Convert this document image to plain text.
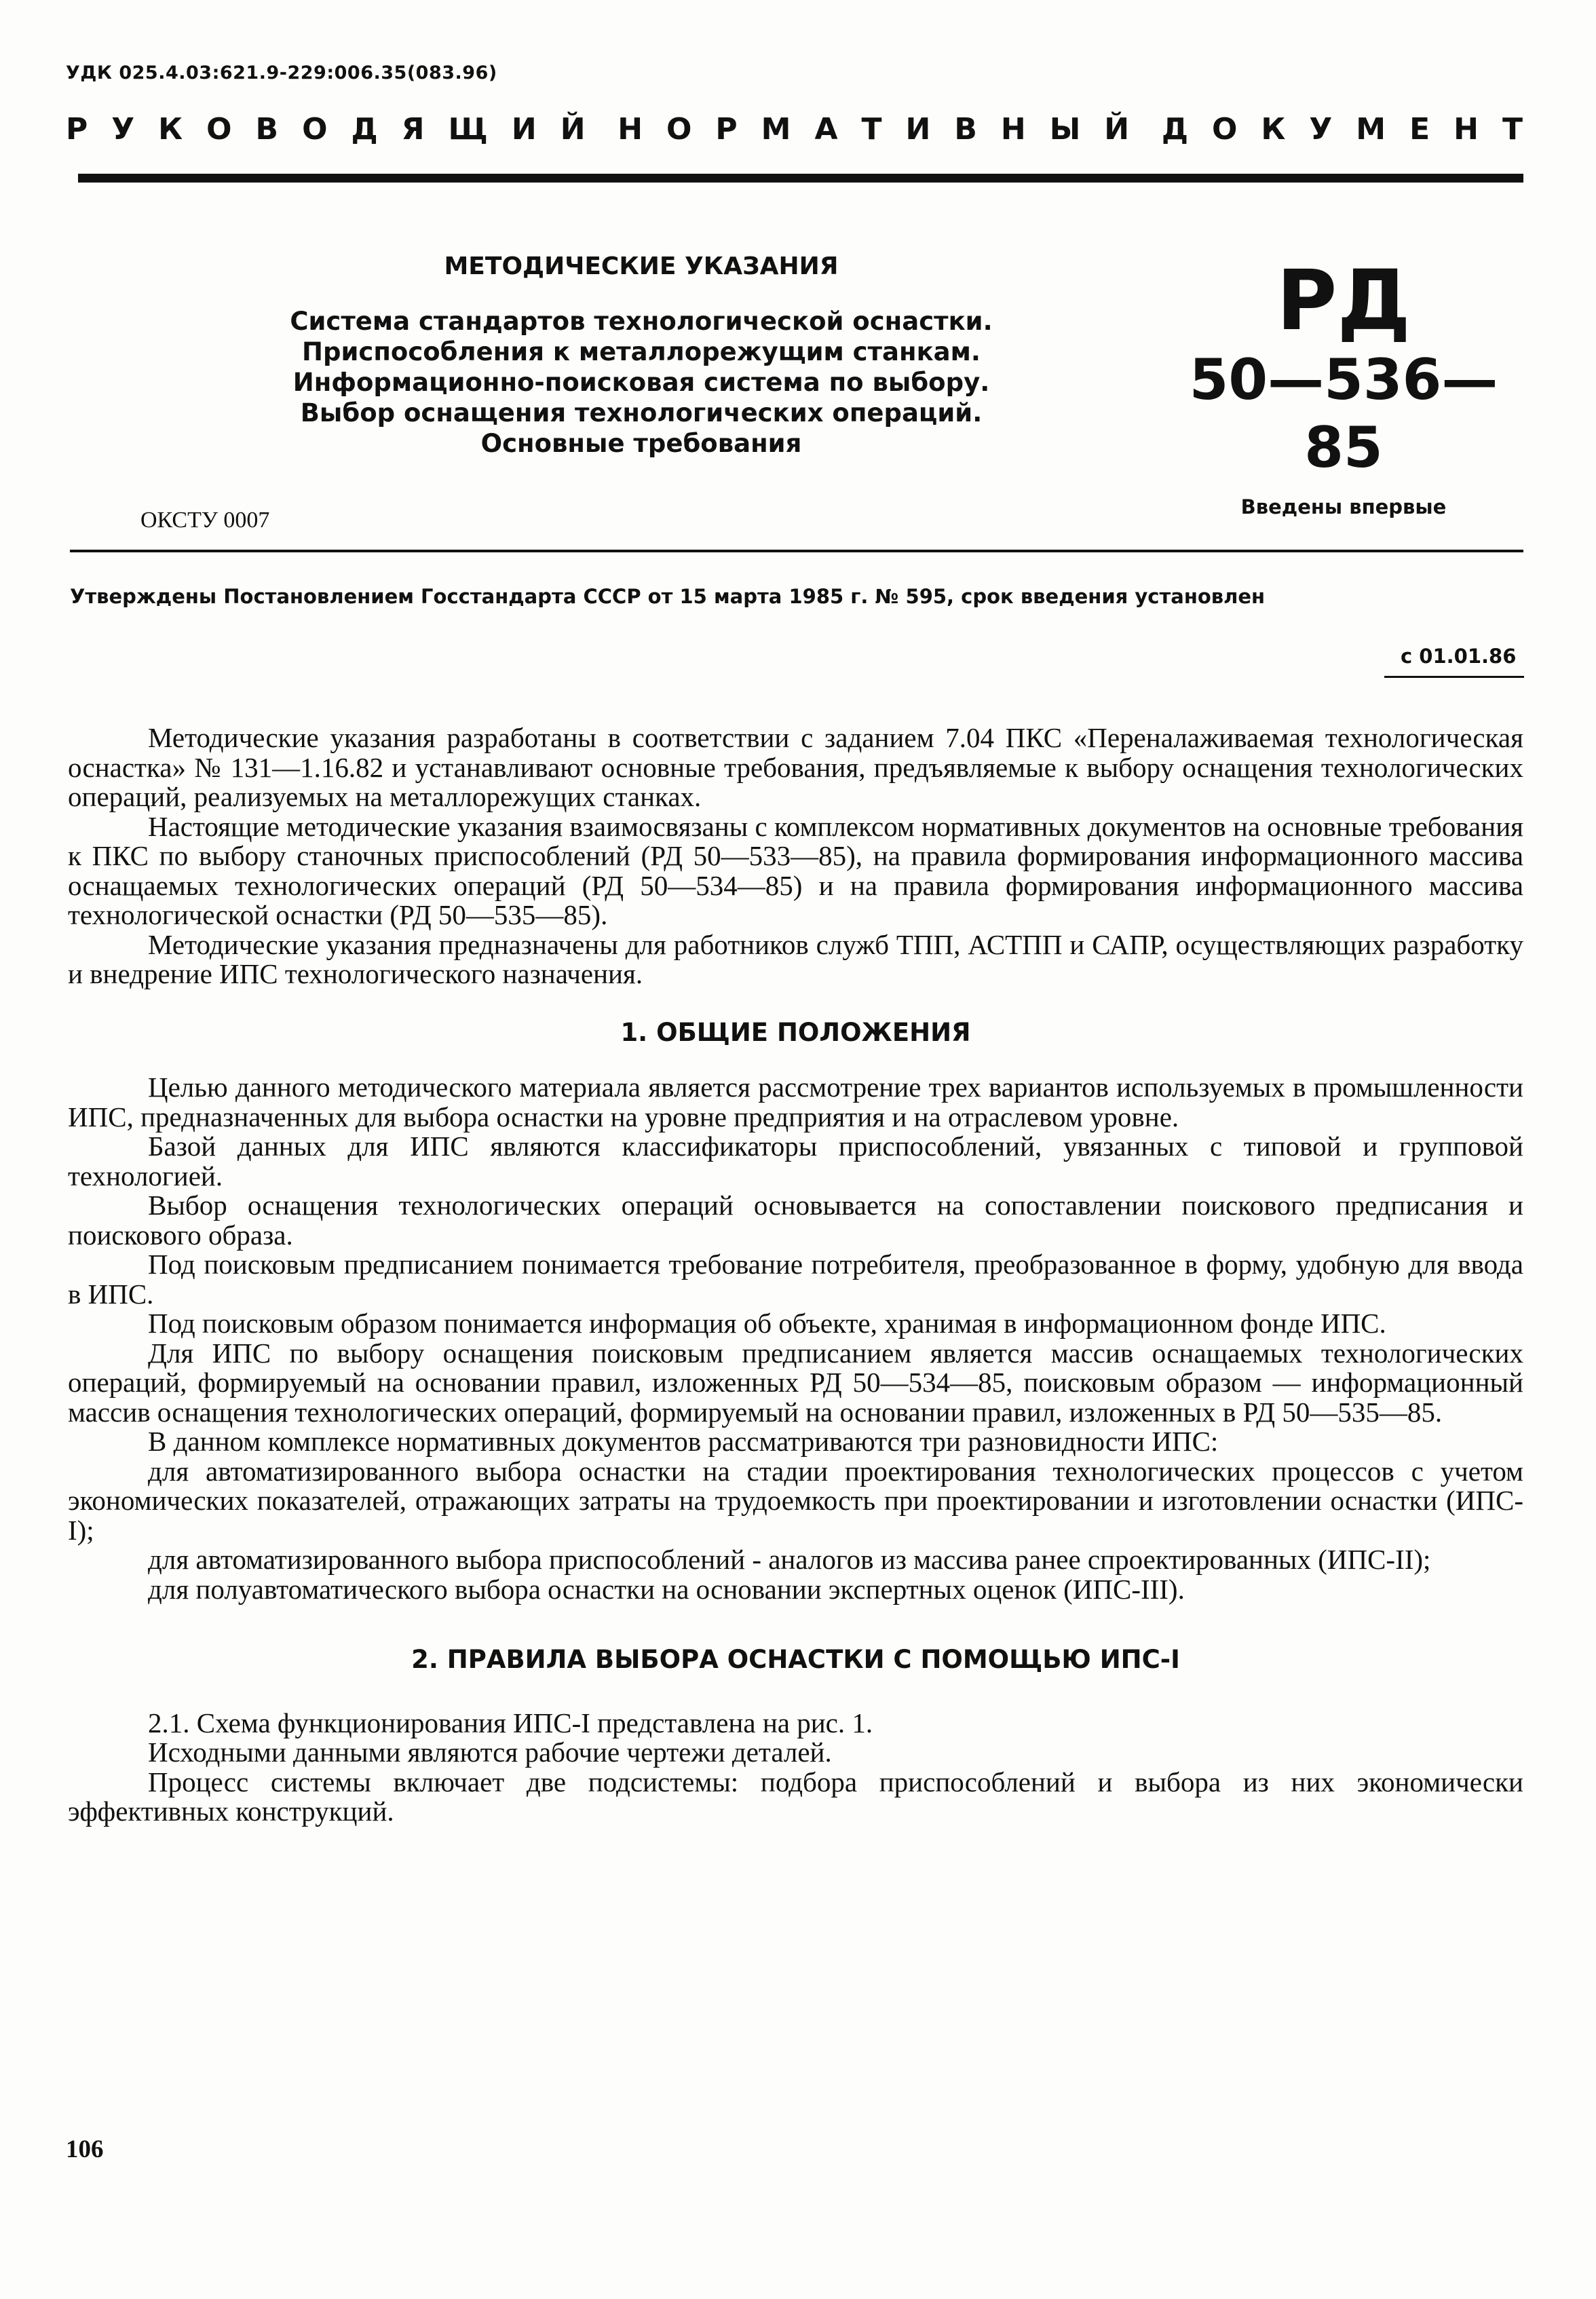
УДК 025.4.03:621.9-229:006.35(083.96)
РУКОВОДЯЩИЙ НОРМАТИВНЫЙ ДОКУМЕНТ
МЕТОДИЧЕСКИЕ УКАЗАНИЯ
Система стандартов технологической оснастки.
Приспособления к металлорежущим станкам.
Информационно-поисковая система по выбору.
Выбор оснащения технологических операций.
Основные требования
РД
50—536—85
Введены впервые
ОКСТУ 0007
Утверждены Постановлением Госстандарта СССР от 15 марта 1985 г. № 595, срок введения установлен
с 01.01.86

Методические указания разработаны в соответствии с заданием 7.04 ПКС «Переналаживаемая технологическая оснастка» № 131—1.16.82 и устанавливают основные требования, предъявляемые к выбору оснащения технологических операций, реализуемых на металлорежущих станках.

Настоящие методические указания взаимосвязаны с комплексом нормативных документов на основные требования к ПКС по выбору станочных приспособлений (РД 50—533—85), на правила формирования информационного массива оснащаемых технологических операций (РД 50—534—85) и на правила формирования информационного массива технологической оснастки (РД 50—535—85).

Методические указания предназначены для работников служб ТПП, АСТПП и САПР, осуществляющих разработку и внедрение ИПС технологического назначения.

1. ОБЩИЕ ПОЛОЖЕНИЯ

Целью данного методического материала является рассмотрение трех вариантов используемых в промышленности ИПС, предназначенных для выбора оснастки на уровне предприятия и на отраслевом уровне.

Базой данных для ИПС являются классификаторы приспособлений, увязанных с типовой и групповой технологией.

Выбор оснащения технологических операций основывается на сопоставлении поискового предписания и поискового образа.

Под поисковым предписанием понимается требование потребителя, преобразованное в форму, удобную для ввода в ИПС.

Под поисковым образом понимается информация об объекте, хранимая в информационном фонде ИПС.

Для ИПС по выбору оснащения поисковым предписанием является массив оснащаемых технологических операций, формируемый на основании правил, изложенных РД 50—534—85, поисковым образом — информационный массив оснащения технологических операций, формируемый на основании правил, изложенных в РД 50—535—85.

В данном комплексе нормативных документов рассматриваются три разновидности ИПС:

для автоматизированного выбора оснастки на стадии проектирования технологических процессов с учетом экономических показателей, отражающих затраты на трудоемкость при проектировании и изготовлении оснастки (ИПС-I);

для автоматизированного выбора приспособлений - аналогов из массива ранее спроектированных (ИПС-II);

для полуавтоматического выбора оснастки на основании экспертных оценок (ИПС-III).

2. ПРАВИЛА ВЫБОРА ОСНАСТКИ С ПОМОЩЬЮ ИПС-I

2.1. Схема функционирования ИПС-I представлена на рис. 1.

Исходными данными являются рабочие чертежи деталей.

Процесс системы включает две подсистемы: подбора приспособлений и выбора из них экономически эффективных конструкций.

106
